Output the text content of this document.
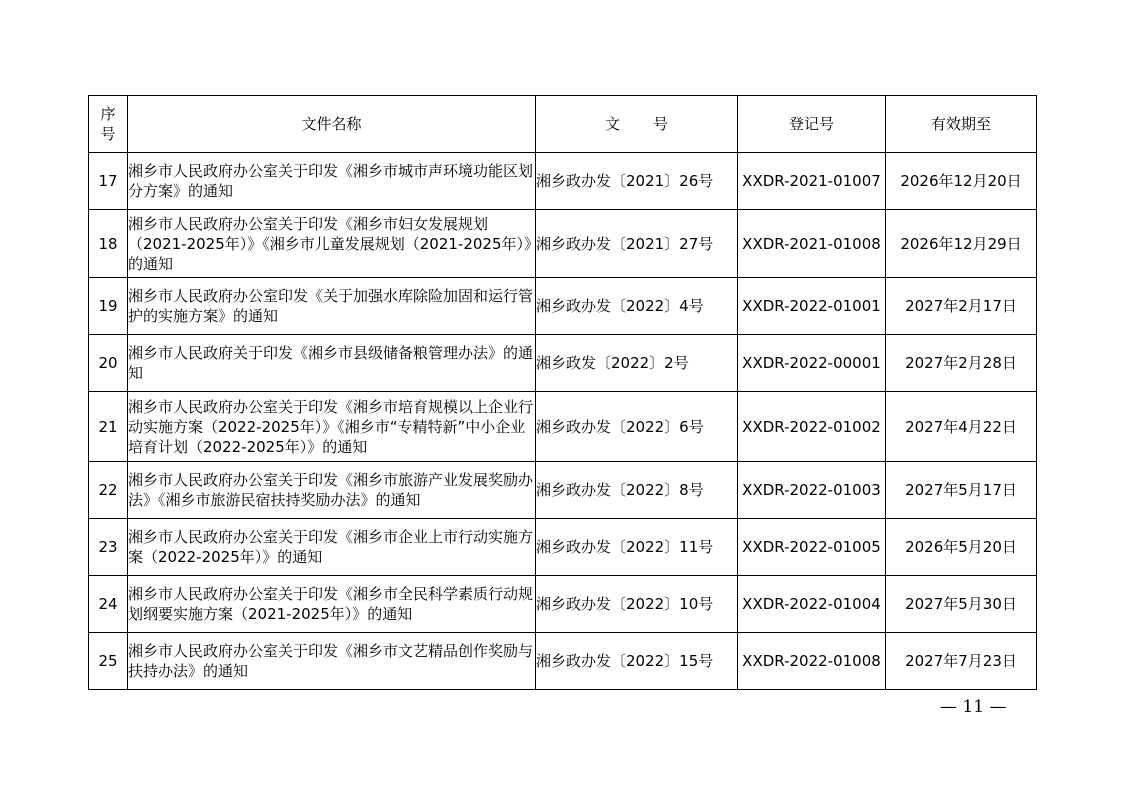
序
号	文件名称	文号	登记号	有效期至
17	湘乡市人民政府办公室关于印发《湘乡市城市声环境功能区划分方案》的通知	湘乡政办发〔2021〕26号	XXDR-2021-01007	2026年12月20日
18	湘乡市人民政府办公室关于印发《湘乡市妇女发展规划（2021-2025年）》《湘乡市儿童发展规划（2021-2025年）》的通知	湘乡政办发〔2021〕27号	XXDR-2021-01008	2026年12月29日
19	湘乡市人民政府办公室印发《关于加强水库除险加固和运行管护的实施方案》的通知	湘乡政办发〔2022〕4号	XXDR-2022-01001	2027年2月17日
20	湘乡市人民政府关于印发《湘乡市县级储备粮管理办法》的通知	湘乡政发〔2022〕2号	XXDR-2022-00001	2027年2月28日
21	湘乡市人民政府办公室关于印发《湘乡市培育规模以上企业行动实施方案（2022-2025年）》《湘乡市“专精特新”中小企业培育计划（2022-2025年）》的通知	湘乡政办发〔2022〕6号	XXDR-2022-01002	2027年4月22日
22	湘乡市人民政府办公室关于印发《湘乡市旅游产业发展奖励办法》《湘乡市旅游民宿扶持奖励办法》的通知	湘乡政办发〔2022〕8号	XXDR-2022-01003	2027年5月17日
23	湘乡市人民政府办公室关于印发《湘乡市企业上市行动实施方案（2022-2025年）》的通知	湘乡政办发〔2022〕11号	XXDR-2022-01005	2026年5月20日
24	湘乡市人民政府办公室关于印发《湘乡市全民科学素质行动规划纲要实施方案（2021-2025年）》的通知	湘乡政办发〔2022〕10号	XXDR-2022-01004	2027年5月30日
25	湘乡市人民政府办公室关于印发《湘乡市文艺精品创作奖励与扶持办法》的通知	湘乡政办发〔2022〕15号	XXDR-2022-01008	2027年7月23日
— 11 —
